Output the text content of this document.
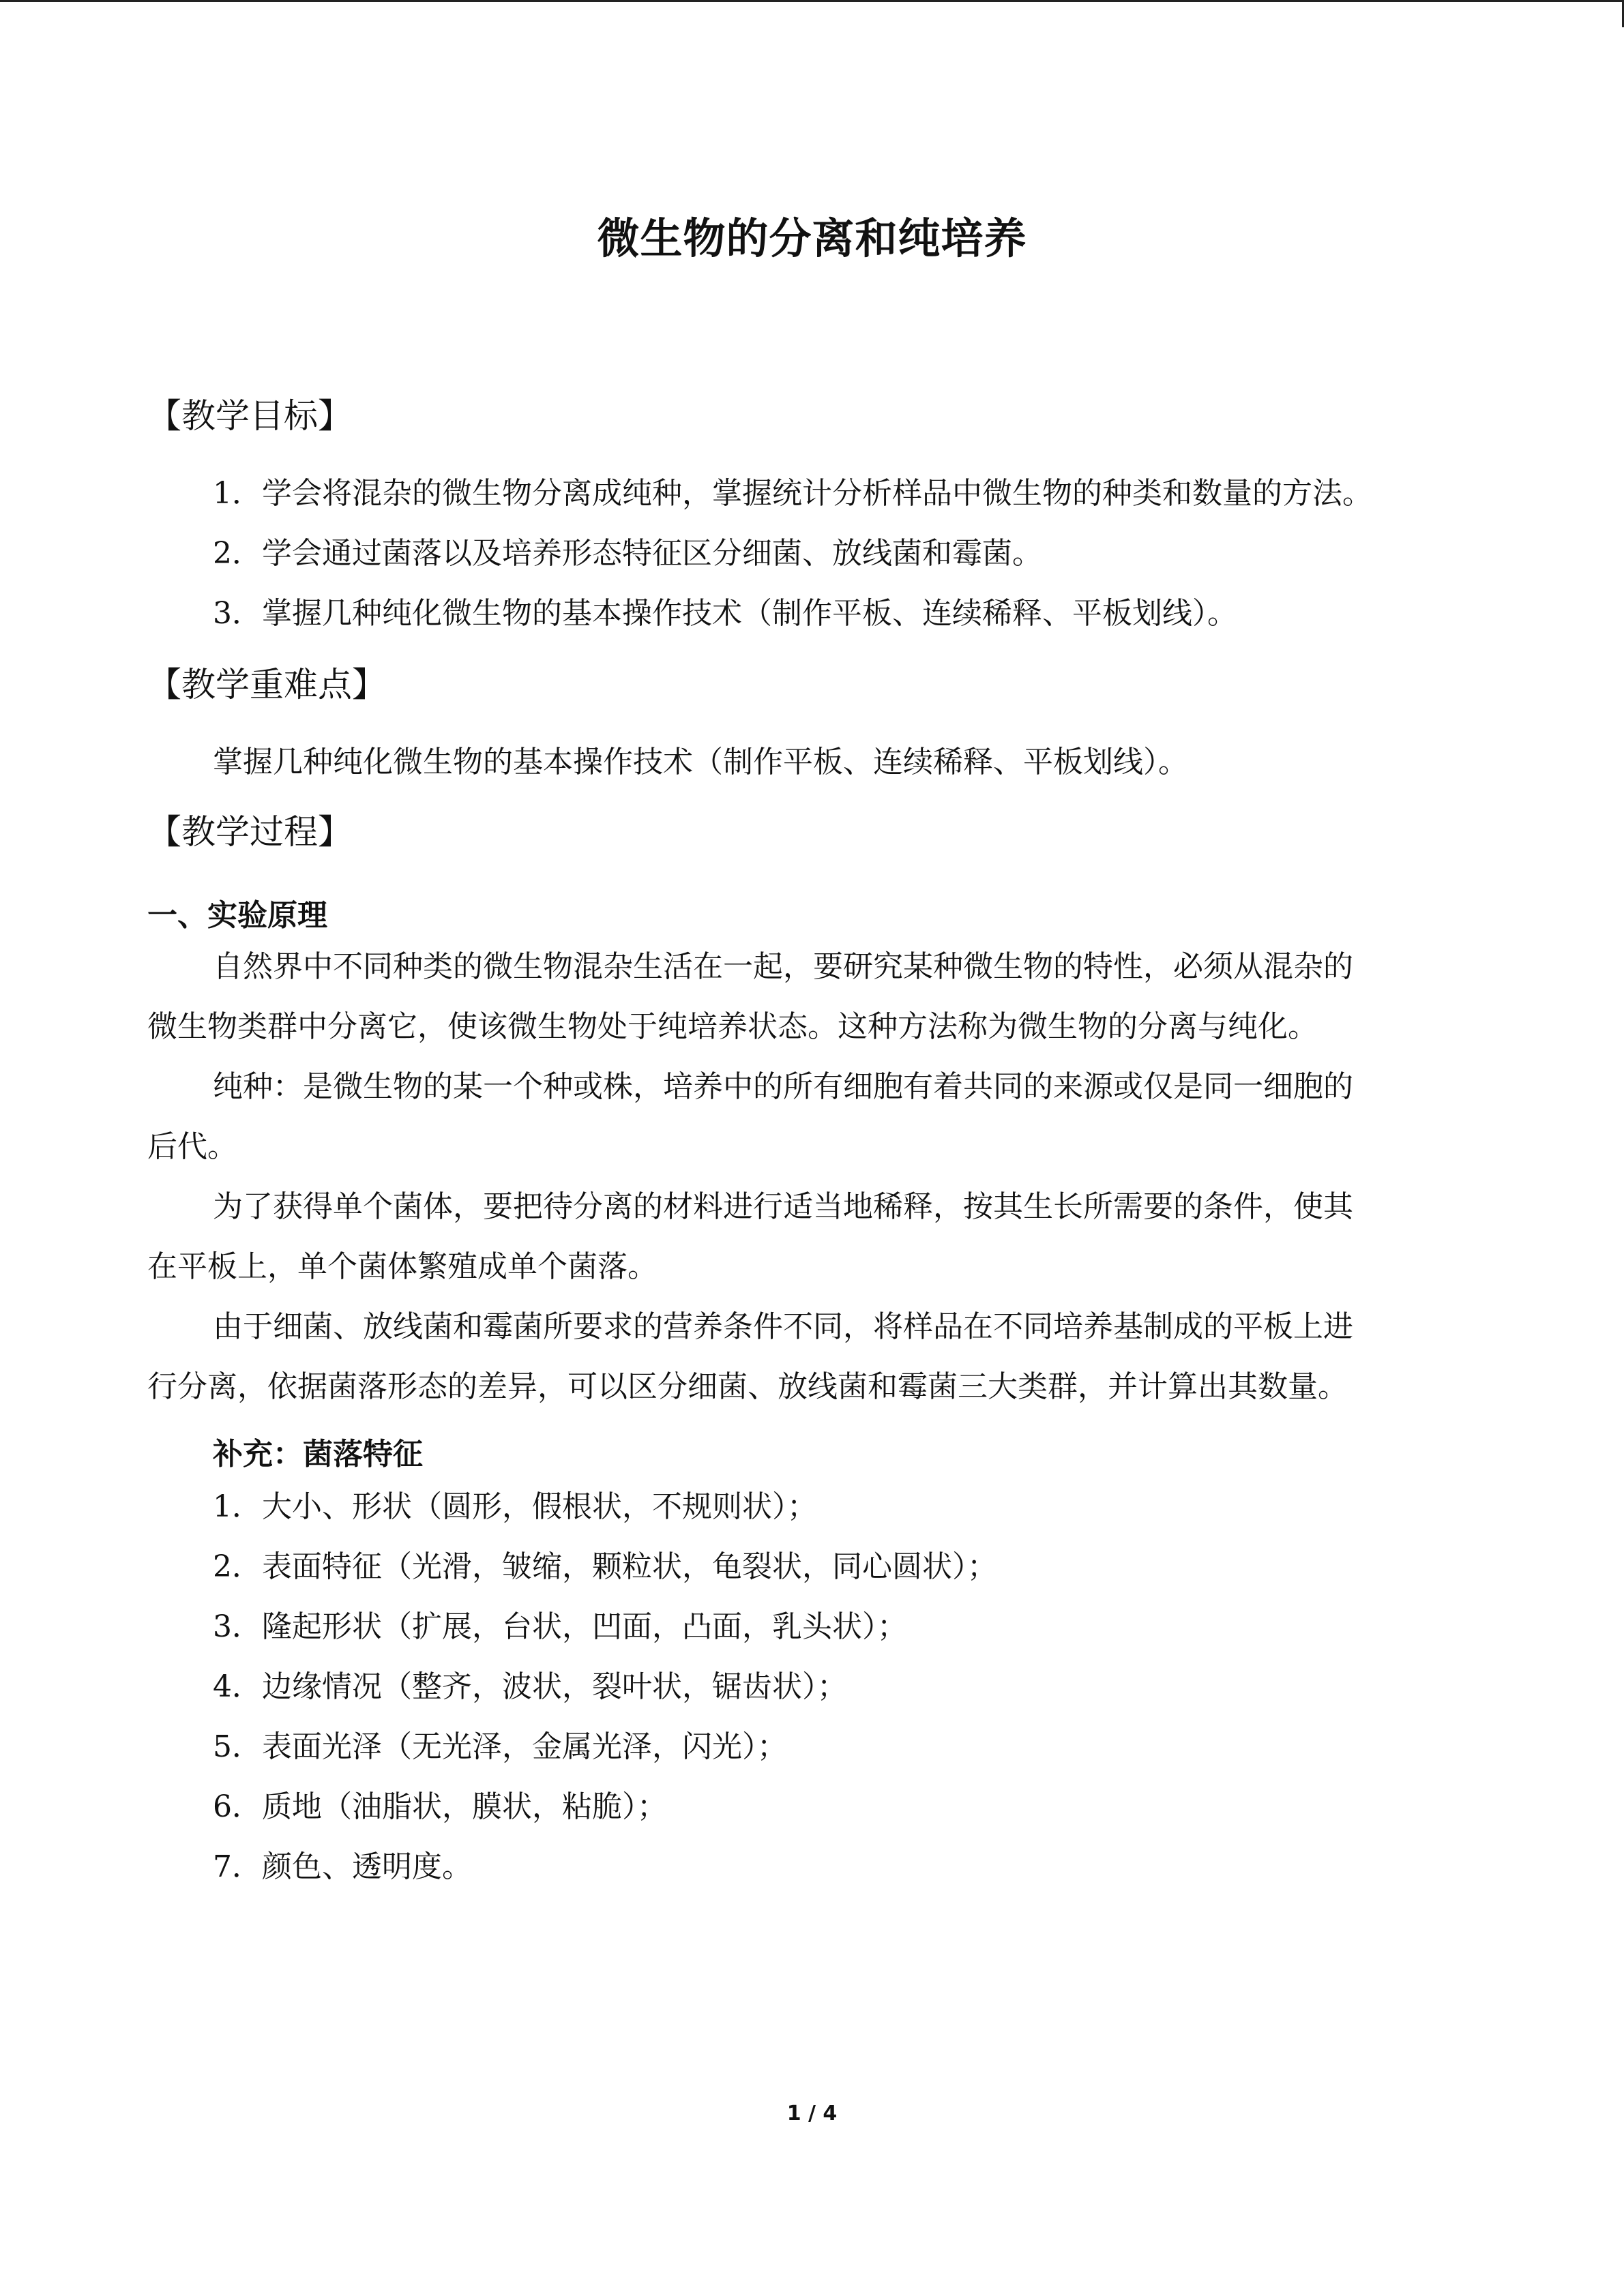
微生物的分离和纯培养
【教学目标】
1．学会将混杂的微生物分离成纯种，掌握统计分析样品中微生物的种类和数量的方法。
2．学会通过菌落以及培养形态特征区分细菌、放线菌和霉菌。
3．掌握几种纯化微生物的基本操作技术（制作平板、连续稀释、平板划线）。
【教学重难点】
掌握几种纯化微生物的基本操作技术（制作平板、连续稀释、平板划线）。
【教学过程】
一、实验原理
自然界中不同种类的微生物混杂生活在一起，要研究某种微生物的特性，必须从混杂的
微生物类群中分离它，使该微生物处于纯培养状态。这种方法称为微生物的分离与纯化。
纯种：是微生物的某一个种或株，培养中的所有细胞有着共同的来源或仅是同一细胞的
后代。
为了获得单个菌体，要把待分离的材料进行适当地稀释，按其生长所需要的条件，使其
在平板上，单个菌体繁殖成单个菌落。
由于细菌、放线菌和霉菌所要求的营养条件不同，将样品在不同培养基制成的平板上进
行分离，依据菌落形态的差异，可以区分细菌、放线菌和霉菌三大类群，并计算出其数量。
补充：菌落特征
1．大小、形状（圆形，假根状，不规则状）；
2．表面特征（光滑，皱缩，颗粒状，龟裂状，同心圆状）；
3．隆起形状（扩展，台状，凹面，凸面，乳头状）；
4．边缘情况（整齐，波状，裂叶状，锯齿状）；
5．表面光泽（无光泽，金属光泽，闪光）；
6．质地（油脂状，膜状，粘脆）；
7．颜色、透明度。
1 / 4
